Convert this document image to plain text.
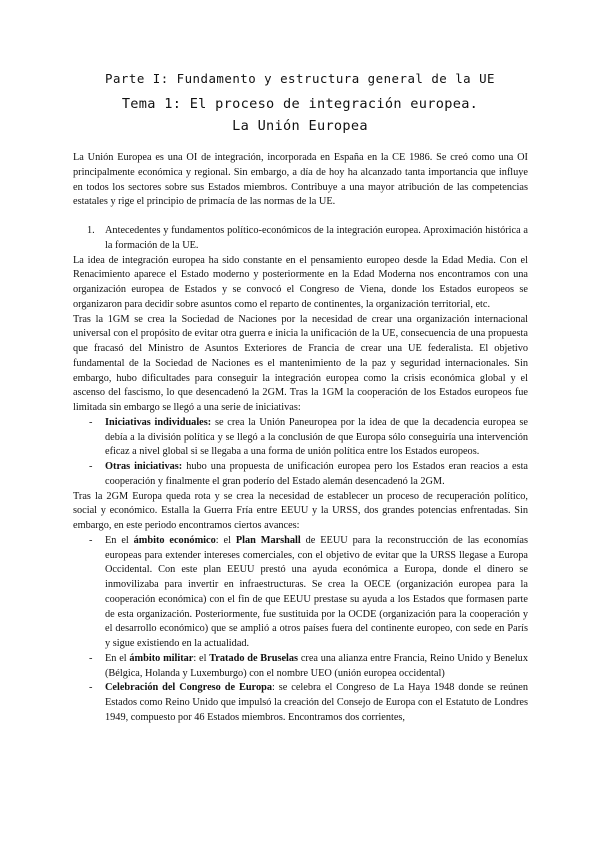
Parte I: Fundamento y estructura general de la UE
Tema 1: El proceso de integración europea.
La Unión Europea

La Unión Europea es una OI de integración, incorporada en España en la CE 1986. Se creó como una OI principalmente económica y regional. Sin embargo, a día de hoy ha alcanzado tanta importancia que influye en todos los sectores sobre sus Estados miembros. Contribuye a una mayor atribución de las competencias estatales y rige el principio de primacía de las normas de la UE.

1. Antecedentes y fundamentos político-económicos de la integración europea. Aproximación histórica a la formación de la UE.

La idea de integración europea ha sido constante en el pensamiento europeo desde la Edad Media. Con el Renacimiento aparece el Estado moderno y posteriormente en la Edad Moderna nos encontramos con una organización europea de Estados y se convocó el Congreso de Viena, donde los Estados europeos se organizaron para decidir sobre asuntos como el reparto de continentes, la organización territorial, etc.

Tras la 1GM se crea la Sociedad de Naciones por la necesidad de crear una organización internacional universal con el propósito de evitar otra guerra e inicia la unificación de la UE, consecuencia de una propuesta que fracasó del Ministro de Asuntos Exteriores de Francia de crear una UE federalista. El objetivo fundamental de la Sociedad de Naciones es el mantenimiento de la paz y seguridad internacionales. Sin embargo, hubo dificultades para conseguir la integración europea como la crisis económica global y el ascenso del fascismo, lo que desencadenó la 2GM. Tras la 1GM la cooperación de los Estados europeos fue limitada sin embargo se llegó a una serie de iniciativas:

- Iniciativas individuales: se crea la Unión Paneuropea por la idea de que la decadencia europea se debía a la división política y se llegó a la conclusión de que Europa sólo conseguiría una intervención eficaz a nivel global si se llegaba a una forma de unión política entre los Estados europeos.
- Otras iniciativas: hubo una propuesta de unificación europea pero los Estados eran reacios a esta cooperación y finalmente el gran poderío del Estado alemán desencadenó la 2GM.

Tras la 2GM Europa queda rota y se crea la necesidad de establecer un proceso de recuperación político, social y económico. Estalla la Guerra Fría entre EEUU y la URSS, dos grandes potencias enfrentadas. Sin embargo, en este periodo encontramos ciertos avances:

- En el ámbito económico: el Plan Marshall de EEUU para la reconstrucción de las economías europeas para extender intereses comerciales, con el objetivo de evitar que la URSS llegase a Europa Occidental. Con este plan EEUU prestó una ayuda económica a Europa, donde el dinero se inmovilizaba para invertir en infraestructuras. Se crea la OECE (organización europea para la cooperación económica) con el fin de que EEUU prestase su ayuda a los Estados que formasen parte de esta organización. Posteriormente, fue sustituida por la OCDE (organización para la cooperación y el desarrollo económico) que se amplió a otros países fuera del continente europeo, con sede en París y sigue existiendo en la actualidad.
- En el ámbito militar: el Tratado de Bruselas crea una alianza entre Francia, Reino Unido y Benelux (Bélgica, Holanda y Luxemburgo) con el nombre UEO (unión europea occidental)
- Celebración del Congreso de Europa: se celebra el Congreso de La Haya 1948 donde se reúnen Estados como Reino Unido que impulsó la creación del Consejo de Europa con el Estatuto de Londres 1949, compuesto por 46 Estados miembros. Encontramos dos corrientes,
